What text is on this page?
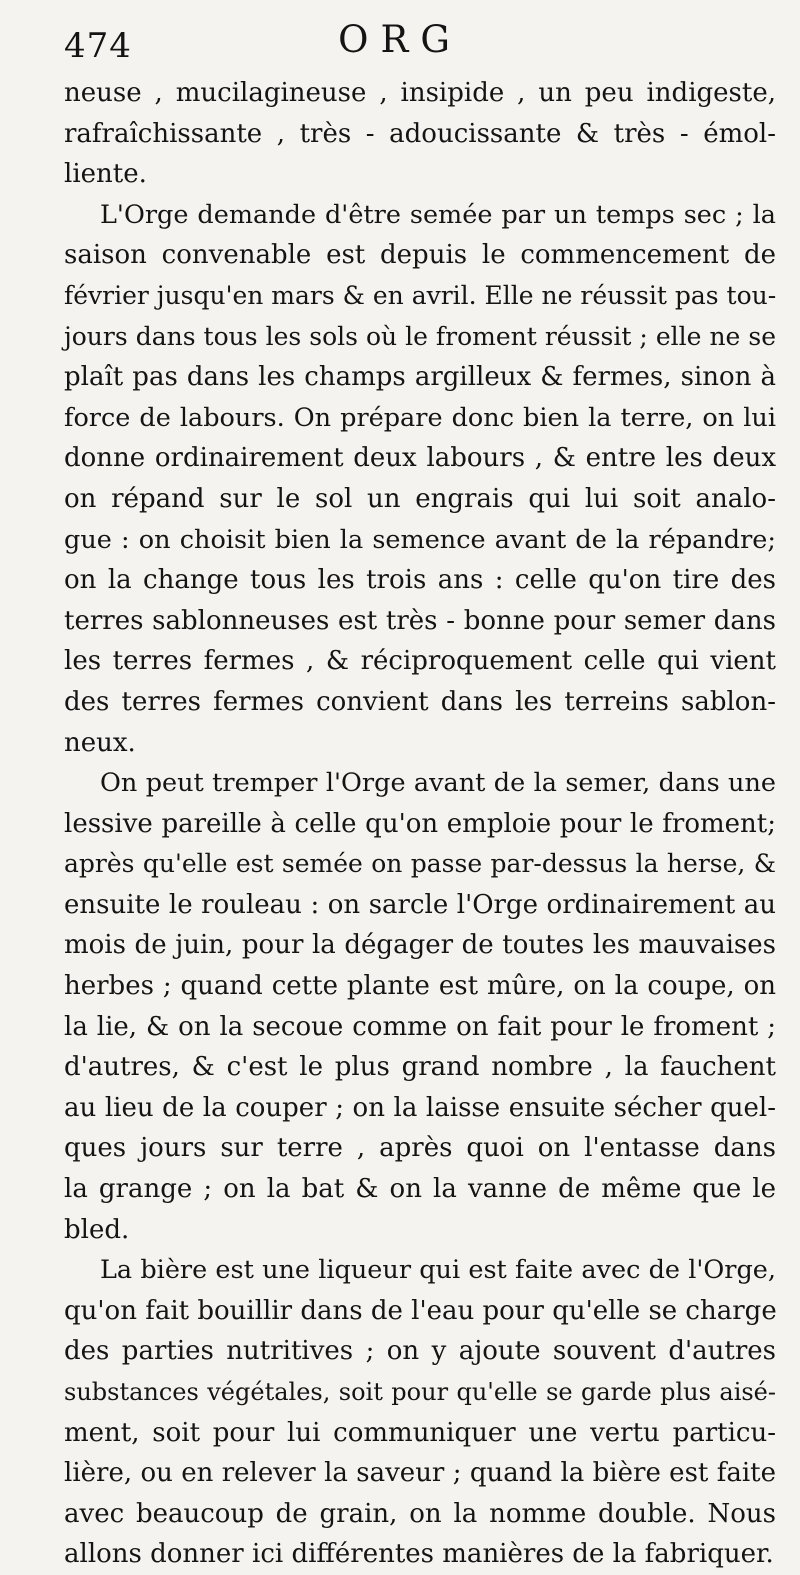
474	ORG
neuse , mucilagineuse , insipide , un peu indigeste,
rafraîchissante , très - adoucissante & très - émol-
liente.
L'Orge demande d'être semée par un temps sec ; la
saison convenable est depuis le commencement de
février jusqu'en mars & en avril. Elle ne réussit pas tou-
jours dans tous les sols où le froment réussit ; elle ne se
plaît pas dans les champs argilleux & fermes, sinon à
force de labours. On prépare donc bien la terre, on lui
donne ordinairement deux labours , & entre les deux
on répand sur le sol un engrais qui lui soit analo-
gue : on choisit bien la semence avant de la répandre;
on la change tous les trois ans : celle qu'on tire des
terres sablonneuses est très - bonne pour semer dans
les terres fermes , & réciproquement celle qui vient
des terres fermes convient dans les terreins sablon-
neux.
On peut tremper l'Orge avant de la semer, dans une
lessive pareille à celle qu'on emploie pour le froment;
après qu'elle est semée on passe par-dessus la herse, &
ensuite le rouleau : on sarcle l'Orge ordinairement au
mois de juin, pour la dégager de toutes les mauvaises
herbes ; quand cette plante est mûre, on la coupe, on
la lie, & on la secoue comme on fait pour le froment ;
d'autres, & c'est le plus grand nombre , la fauchent
au lieu de la couper ; on la laisse ensuite sécher quel-
ques jours sur terre , après quoi on l'entasse dans
la grange ; on la bat & on la vanne de même que le
bled.
La bière est une liqueur qui est faite avec de l'Orge,
qu'on fait bouillir dans de l'eau pour qu'elle se charge
des parties nutritives ; on y ajoute souvent d'autres
substances végétales, soit pour qu'elle se garde plus aisé-
ment, soit pour lui communiquer une vertu particu-
lière, ou en relever la saveur ; quand la bière est faite
avec beaucoup de grain, on la nomme double. Nous
allons donner ici différentes manières de la fabriquer.
